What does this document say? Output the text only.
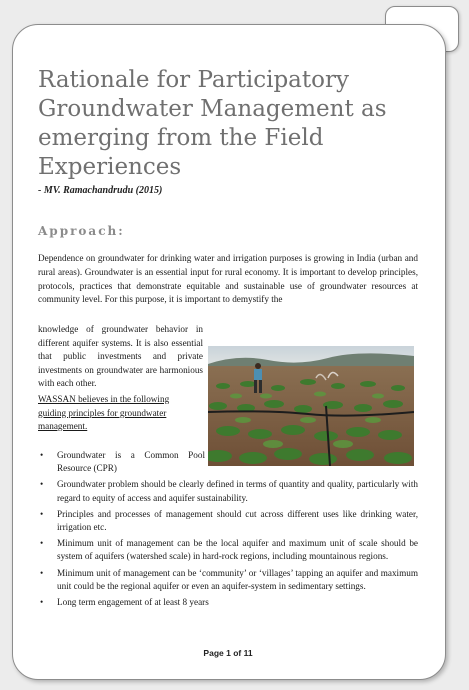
Rationale for Participatory Groundwater Management as emerging from the Field Experiences
- MV. Ramachandrudu (2015)
Approach:

Dependence on groundwater for drinking water and irrigation purposes is growing in India (urban and rural areas). Groundwater is an essential input for rural economy. It is important to develop principles, protocols, practices that demonstrate equitable and sustainable use of groundwater resources at community level. For this purpose, it is important to demystify the

knowledge of groundwater behavior in different aquifer systems. It is also essential that public investments and private investments on groundwater are harmonious with each other.

WASSAN believes in the following guiding principles for groundwater management.

• Groundwater is a Common Pool Resource (CPR)
• Groundwater problem should be clearly defined in terms of quantity and quality, particularly with regard to equity of access and aquifer sustainability.
• Principles and processes of management should cut across different uses like drinking water, irrigation etc.
• Minimum unit of management can be the local aquifer and maximum unit of scale should be system of aquifers (watershed scale) in hard-rock regions, including mountainous regions.
• Minimum unit of management can be ‘community’ or ‘villages’ tapping an aquifer and maximum unit could be the regional aquifer or even an aquifer-system in sedimentary settings.
• Long term engagement of at least 8 years
Page 1 of 11
